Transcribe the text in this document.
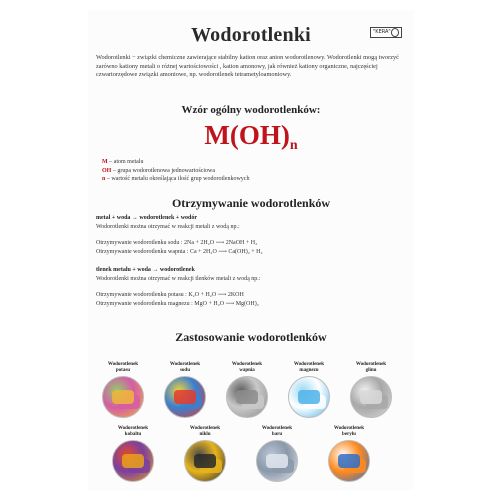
Wodorotlenki	"KERA"
Wodorotlenki − związki chemiczne zawierające stabilny kation oraz anion wodorotlenowy. Wodorotlenki mogą tworzyć zarówno kationy metali o różnej wartościowości , kation amonowy, jak również kationy organiczne, najczęściej czwartorzędowe związki amoniowe, np. wodorotlenek tetrametyloamoniowy.
Wzór ogólny wodorotlenków:
$M(OH)_n$
M – atom metalu
OH – grupa wodorotlenowa jednowartościowa
n – wartość metalu określająca ilość grup wodorotlenkowych
Otrzymywanie wodorotlenków
metal + woda → wodorotlenek + wodór
Wodorotlenki można otrzymać w reakcji metali z wodą np.:
Otrzymywanie wodorotlenku sodu : 2Na + 2H₂O ⟶ 2NaOH + H₂
Otrzymywanie wodorotlenku wapnia : Ca + 2H₂O ⟶ Ca(OH)₂ + H₂
tlenek metalu + woda → wodorotlenek
Wodorotlenki można otrzymać w reakcji tlenków metali z wodą np.:
Otrzymywanie wodorotlenku potasu : K₂O + H₂O ⟶ 2KOH
Otrzymywanie wodorotlenku magnezu : MgO + H₂O ⟶ Mg(OH)₂
Zastosowanie wodorotlenków
Wodorotlenek
potasu
Wodorotlenek
sodu
Wodorotlenek
wapnia
Wodorotlenek
magnezu
Wodorotlenek
glinu
Wodorotlenek
kobaltu
Wodorotlenek
niklu
Wodorotlenek
baru
Wodorotlenek
berylu
